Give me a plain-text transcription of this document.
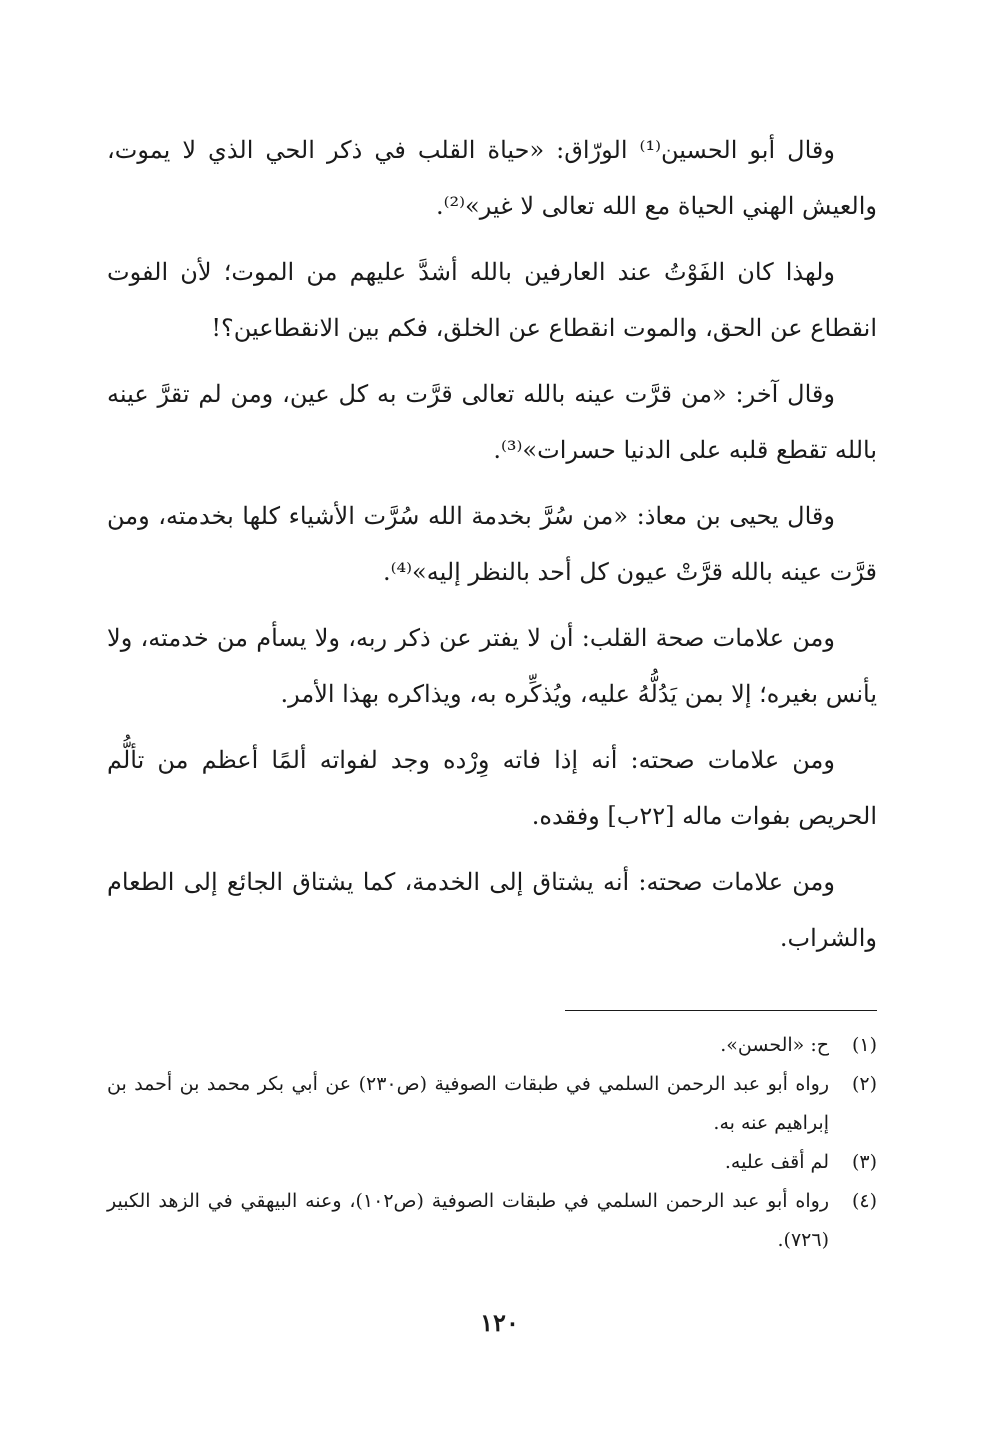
وقال أبو الحسين⁽¹⁾ الورّاق: «حياة القلب في ذكر الحي الذي لا يموت، والعيش الهني الحياة مع الله تعالى لا غير»⁽²⁾.

ولهذا كان الفَوْتُ عند العارفين بالله أشدَّ عليهم من الموت؛ لأن الفوت انقطاع عن الحق، والموت انقطاع عن الخلق، فكم بين الانقطاعين؟!

وقال آخر: «من قرَّت عينه بالله تعالى قرَّت به كل عين، ومن لم تقرَّ عينه بالله تقطع قلبه على الدنيا حسرات»⁽³⁾.

وقال يحيى بن معاذ: «من سُرَّ بخدمة الله سُرَّت الأشياء كلها بخدمته، ومن قرَّت عينه بالله قرَّتْ عيون كل أحد بالنظر إليه»⁽⁴⁾.

ومن علامات صحة القلب: أن لا يفتر عن ذكر ربه، ولا يسأم من خدمته، ولا يأنس بغيره؛ إلا بمن يَدُلُّهُ عليه، ويُذكِّره به، ويذاكره بهذا الأمر.

ومن علامات صحته: أنه إذا فاته وِرْده وجد لفواته ألمًا أعظم من تألُّم الحريص بفوات ماله [٢٢ب] وفقده.

ومن علامات صحته: أنه يشتاق إلى الخدمة، كما يشتاق الجائع إلى الطعام والشراب.

(١)
ح: «الحسن».
(٢)
رواه أبو عبد الرحمن السلمي في طبقات الصوفية (ص٢٣٠) عن أبي بكر محمد بن أحمد بن إبراهيم عنه به.
(٣)
لم أقف عليه.
(٤)
رواه أبو عبد الرحمن السلمي في طبقات الصوفية (ص١٠٢)، وعنه البيهقي في الزهد الكبير (٧٢٦).
١٢٠
